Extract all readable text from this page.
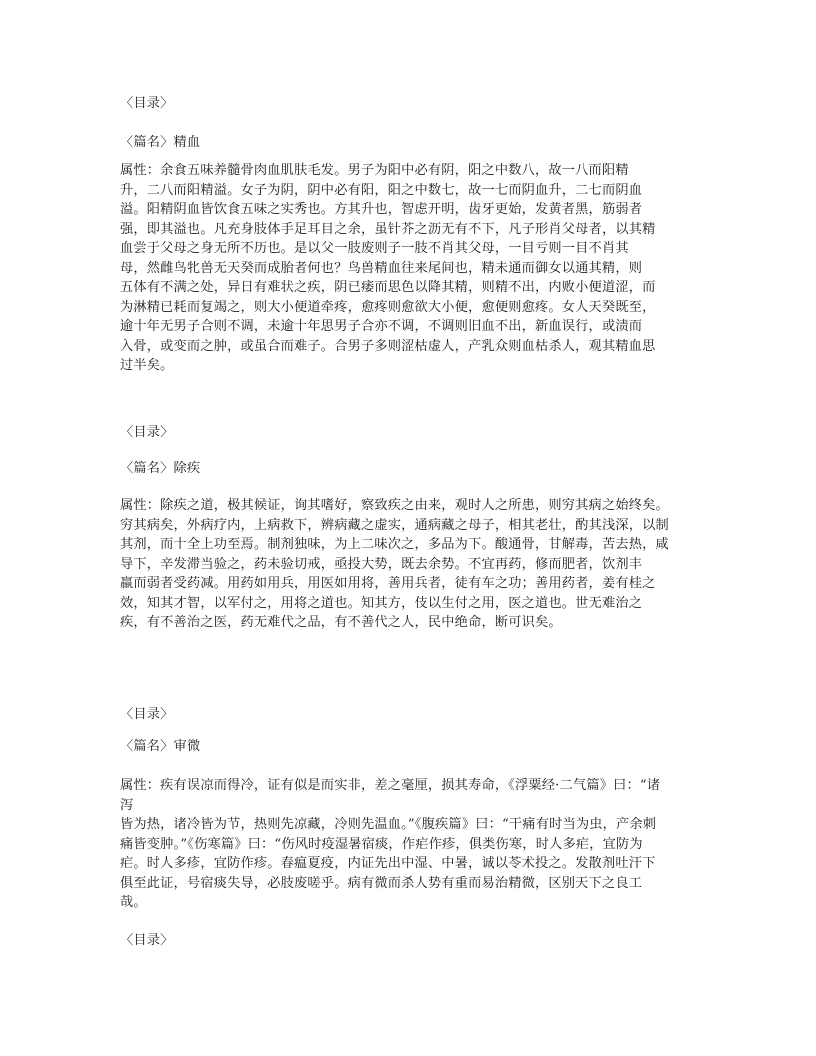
〈目录〉
〈篇名〉精血
属性：余食五味养髓骨肉血肌肤毛发。男子为阳中必有阴，阳之中数八，故一八而阳精
升，二八而阳精溢。女子为阴，阴中必有阳，阳之中数七，故一七而阴血升，二七而阴血
溢。阳精阴血皆饮食五味之实秀也。方其升也，智虑开明，齿牙更始，发黄者黑，筋弱者
强，即其溢也。凡充身肢体手足耳目之余，虽针芥之沥无有不下，凡子形肖父母者，以其精
血尝于父母之身无所不历也。是以父一肢废则子一肢不肖其父母，一目亏则一目不肖其
母，然雌鸟牝兽无天癸而成胎者何也？鸟兽精血往来尾间也，精未通而御女以通其精，则
五体有不满之处，异日有难状之疾，阴已痿而思色以降其精，则精不出，内败小便道涩，而
为淋精已耗而复竭之，则大小便道牵疼，愈疼则愈欲大小便，愈便则愈疼。女人天癸既至，
逾十年无男子合则不调，未逾十年思男子合亦不调，不调则旧血不出，新血误行，或渍而
入骨，或变而之肿，或虽合而难子。合男子多则涩枯虚人，产乳众则血枯杀人，观其精血思
过半矣。
〈目录〉
〈篇名〉除疾
属性：除疾之道，极其候证，询其嗜好，察致疾之由来，观时人之所患，则穷其病之始终矣。
穷其病矣，外病疗内，上病救下，辨病藏之虚实，通病藏之母子，相其老壮，酌其浅深，以制
其剂，而十全上功至焉。制剂独味，为上二味次之，多品为下。酸通骨，甘解毒，苦去热，咸
导下，辛发滞当验之，药未验切戒，亟投大势，既去余势。不宜再药，修而肥者，饮剂丰
羸而弱者受药减。用药如用兵，用医如用将，善用兵者，徒有车之功；善用药者，姜有桂之
效，知其才智，以军付之，用将之道也。知其方，伎以生付之用，医之道也。世无难治之
疾，有不善治之医，药无难代之品，有不善代之人，民中绝命，断可识矣。
〈目录〉
〈篇名〉审微
属性：疾有误凉而得冷，证有似是而实非，差之毫厘，损其寿命，《浮粟经·二气篇》曰：“诸
泻
皆为热，诸冷皆为节，热则先凉藏，冷则先温血。”《腹疾篇》曰：“干痛有时当为虫，产余刺
痛皆变肿。”《伤寒篇》曰：“伤风时疫湿暑宿痰，作疟作疹，俱类伤寒，时人多疟，宜防为
疟。时人多疹，宜防作疹。春瘟夏疫，内证先出中湿、中暑，诚以苓术投之。发散剂吐汗下
俱至此证，号宿痰失导，必肢废嗟乎。病有微而杀人势有重而易治精微，区别天下之良工
哉。
〈目录〉
